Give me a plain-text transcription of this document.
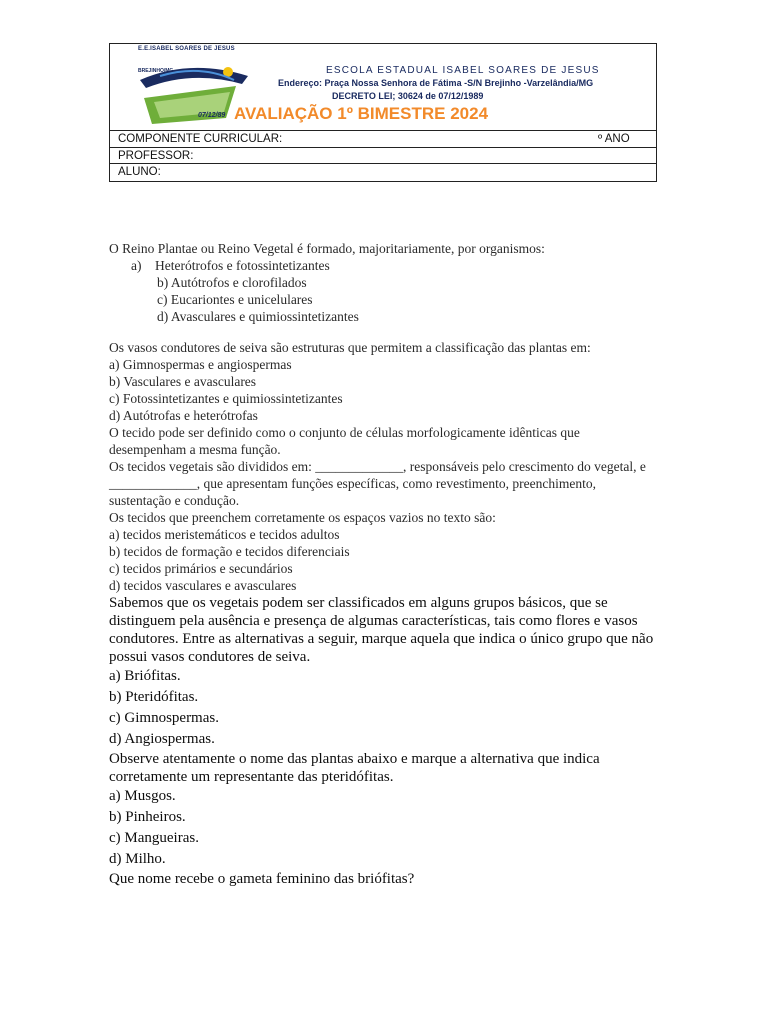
E.E.ISABEL SOARES DE JESUS
BREJINHO/MG
07/12/89
ESCOLA ESTADUAL ISABEL SOARES DE JESUS
Endereço: Praça Nossa Senhora de Fátima -S/N Brejinho -Varzelândia/MG
DECRETO LEI; 30624 de 07/12/1989
AVALIAÇÃO 1º BIMESTRE 2024
COMPONENTE CURRICULAR:	º ANO
PROFESSOR:
ALUNO:

O Reino Plantae ou Reino Vegetal é formado, majoritariamente, por organismos:

a) Heterótrofos e fotossintetizantes

b) Autótrofos e clorofilados

c) Eucariontes e unicelulares

d) Avasculares e quimiossintetizantes

Os vasos condutores de seiva são estruturas que permitem a classificação das plantas em:

a) Gimnospermas e angiospermas

b) Vasculares e avasculares

c) Fotossintetizantes e quimiossintetizantes

d) Autótrofas e heterótrofas

O tecido pode ser definido como o conjunto de células morfologicamente idênticas que desempenham a mesma função.

Os tecidos vegetais são divididos em: _____________, responsáveis pelo crescimento do vegetal, e _____________, que apresentam funções específicas, como revestimento, preenchimento, sustentação e condução.

Os tecidos que preenchem corretamente os espaços vazios no texto são:

a) tecidos meristemáticos e tecidos adultos

b) tecidos de formação e tecidos diferenciais

c) tecidos primários e secundários

d) tecidos vasculares e avasculares

Sabemos que os vegetais podem ser classificados em alguns grupos básicos, que se distinguem pela ausência e presença de algumas características, tais como flores e vasos condutores. Entre as alternativas a seguir, marque aquela que indica o único grupo que não possui vasos condutores de seiva.

a) Briófitas.

b) Pteridófitas.

c) Gimnospermas.

d) Angiospermas.

Observe atentamente o nome das plantas abaixo e marque a alternativa que indica corretamente um representante das pteridófitas.

a) Musgos.

b) Pinheiros.

c) Mangueiras.

d) Milho.

Que nome recebe o gameta feminino das briófitas?
